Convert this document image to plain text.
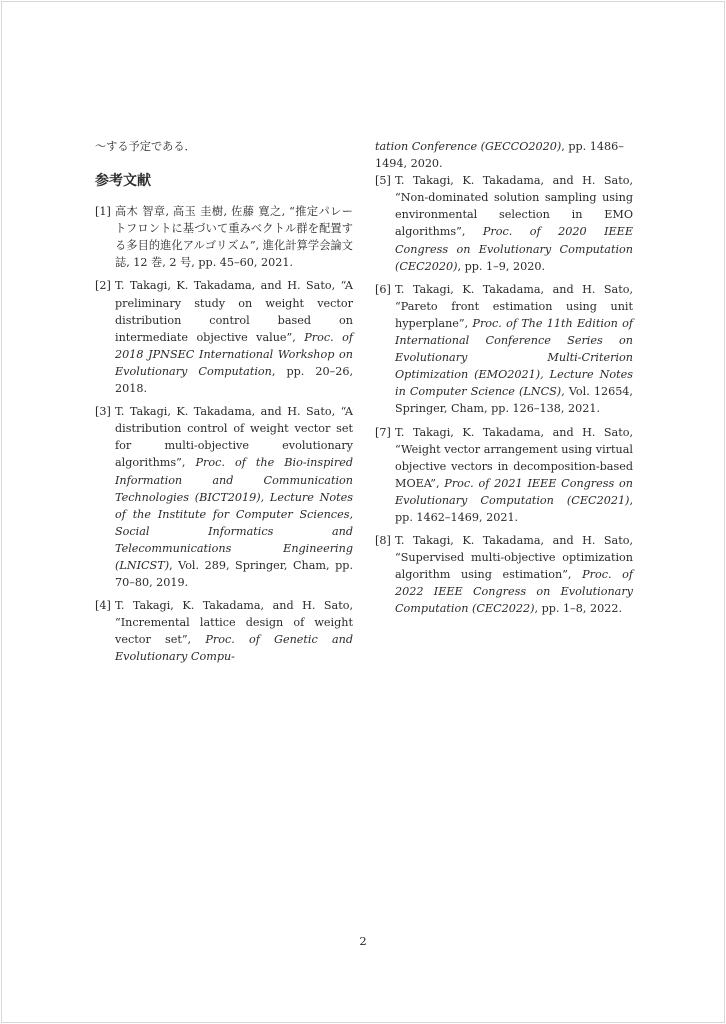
〜する予定である．

参考文献

[1] 高木 智章, 高玉 圭樹, 佐藤 寛之, “推定パレートフロントに基づいて重みベクトル群を配置する多目的進化アルゴリズム”, 進化計算学会論文誌, 12 巻, 2 号, pp. 45–60, 2021.

[2] T. Takagi, K. Takadama, and H. Sato, “A preliminary study on weight vector distribution control based on intermediate objective value”, Proc. of 2018 JPNSEC International Workshop on Evolutionary Computation, pp. 20–26, 2018.

[3] T. Takagi, K. Takadama, and H. Sato, “A distribution control of weight vector set for multi-objective evolutionary algorithms”, Proc. of the Bio-inspired Information and Communication Technologies (BICT2019), Lecture Notes of the Institute for Computer Sciences, Social Informatics and Telecommunications Engineering (LNICST), Vol. 289, Springer, Cham, pp. 70–80, 2019.

[4] T. Takagi, K. Takadama, and H. Sato, “Incremental lattice design of weight vector set”, Proc. of Genetic and Evolutionary Compu-

tation Conference (GECCO2020), pp. 1486–1494, 2020.

[5] T. Takagi, K. Takadama, and H. Sato, “Non-dominated solution sampling using environmental selection in EMO algorithms”, Proc. of 2020 IEEE Congress on Evolutionary Computation (CEC2020), pp. 1–9, 2020.

[6] T. Takagi, K. Takadama, and H. Sato, “Pareto front estimation using unit hyperplane”, Proc. of The 11th Edition of International Conference Series on Evolutionary Multi-Criterion Optimization (EMO2021), Lecture Notes in Computer Science (LNCS), Vol. 12654, Springer, Cham, pp. 126–138, 2021.

[7] T. Takagi, K. Takadama, and H. Sato, “Weight vector arrangement using virtual objective vectors in decomposition-based MOEA”, Proc. of 2021 IEEE Congress on Evolutionary Computation (CEC2021), pp. 1462–1469, 2021.

[8] T. Takagi, K. Takadama, and H. Sato, “Supervised multi-objective optimization algorithm using estimation”, Proc. of 2022 IEEE Congress on Evolutionary Computation (CEC2022), pp. 1–8, 2022.

2
